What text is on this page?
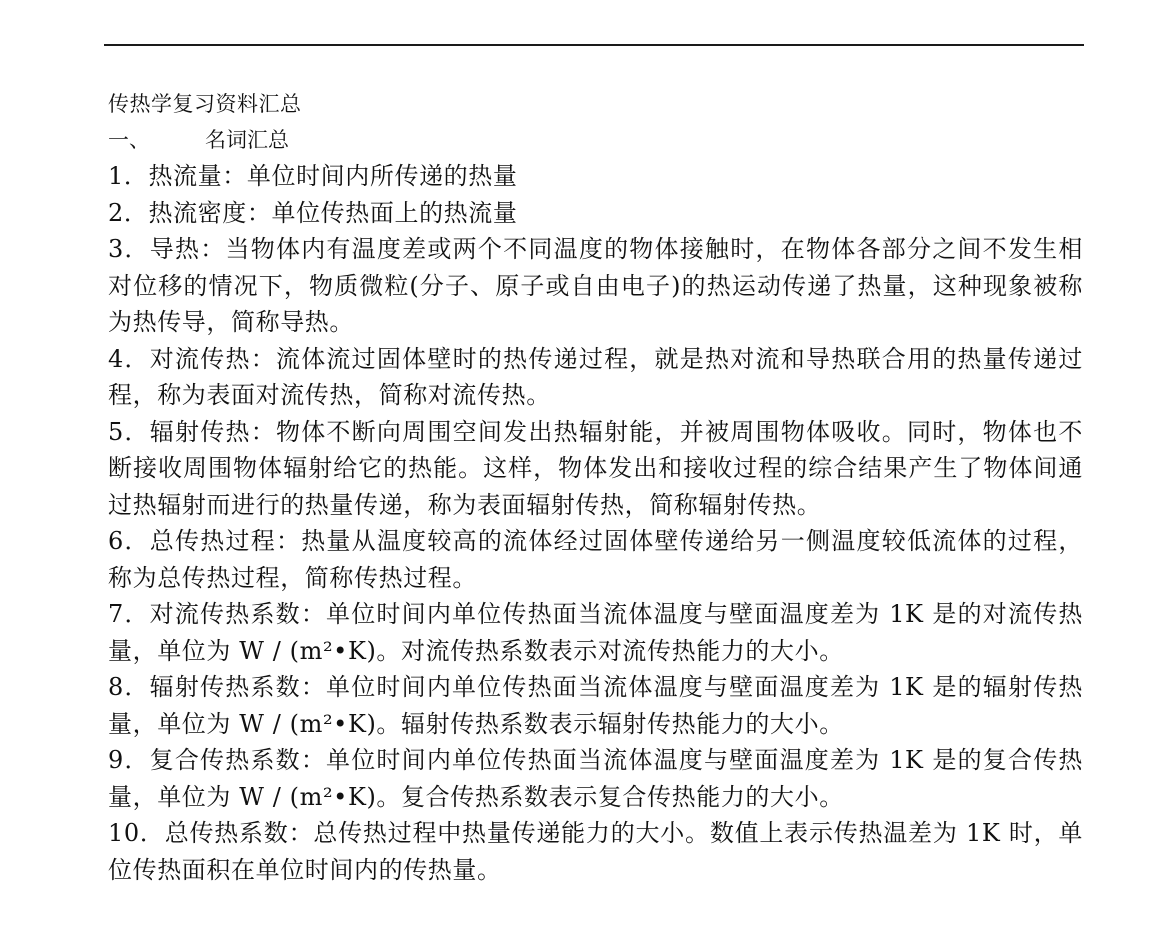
传热学复习资料汇总

一、	名词汇总

1．热流量：单位时间内所传递的热量
2．热流密度：单位传热面上的热流量
3．导热：当物体内有温度差或两个不同温度的物体接触时，在物体各部分之间不发生相对位移的情况下，物质微粒(分子、原子或自由电子)的热运动传递了热量，这种现象被称为热传导，简称导热。
4．对流传热：流体流过固体壁时的热传递过程，就是热对流和导热联合用的热量传递过程，称为表面对流传热，简称对流传热。
5．辐射传热：物体不断向周围空间发出热辐射能，并被周围物体吸收。同时，物体也不断接收周围物体辐射给它的热能。这样，物体发出和接收过程的综合结果产生了物体间通过热辐射而进行的热量传递，称为表面辐射传热，简称辐射传热。
6．总传热过程：热量从温度较高的流体经过固体壁传递给另一侧温度较低流体的过程，称为总传热过程，简称传热过程。
7．对流传热系数：单位时间内单位传热面当流体温度与壁面温度差为 1K 是的对流传热量，单位为 W / (m²•K)。对流传热系数表示对流传热能力的大小。
8．辐射传热系数：单位时间内单位传热面当流体温度与壁面温度差为 1K 是的辐射传热量，单位为 W / (m²•K)。辐射传热系数表示辐射传热能力的大小。
9．复合传热系数：单位时间内单位传热面当流体温度与壁面温度差为 1K 是的复合传热量，单位为 W / (m²•K)。复合传热系数表示复合传热能力的大小。
10．总传热系数：总传热过程中热量传递能力的大小。数值上表示传热温差为 1K 时，单位传热面积在单位时间内的传热量。
